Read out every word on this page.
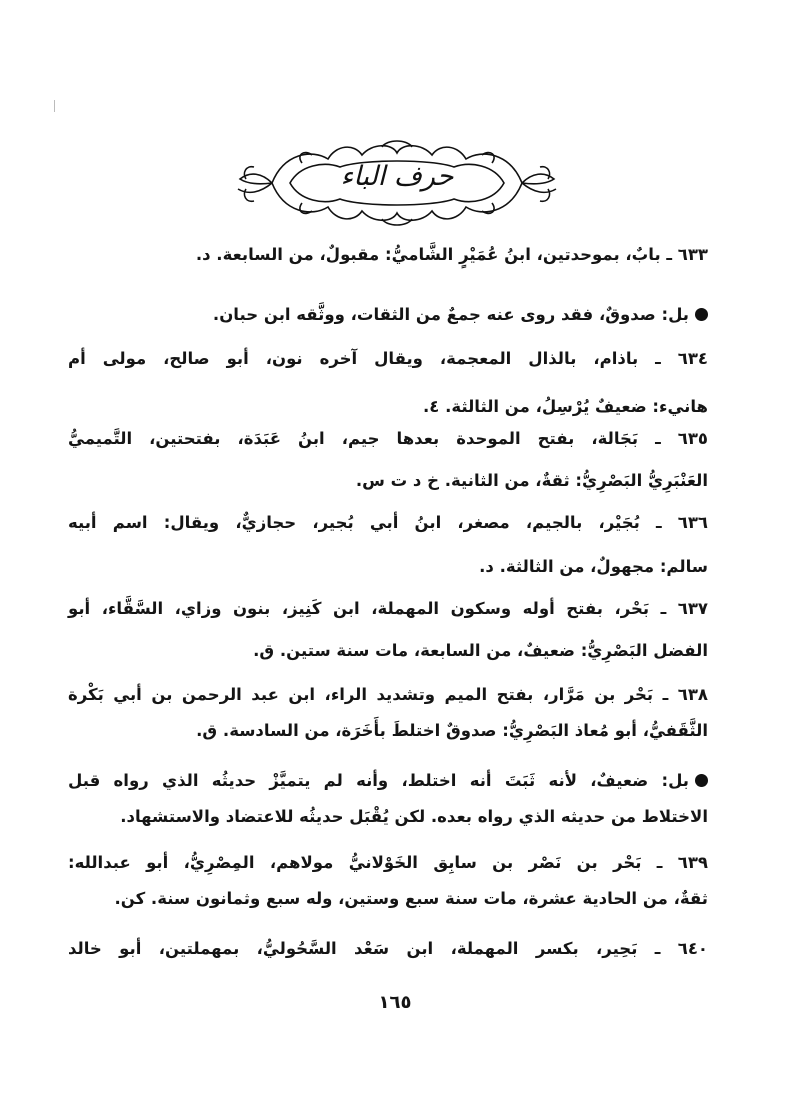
حرف الباء
٦٣٣ ـ بابٌ، بموحدتين، ابنُ عُمَيْرٍ الشَّاميُّ: مقبولٌ، من السابعة. د.
بل: صدوقٌ، فقد روى عنه جمعٌ من الثقات، ووثَّقه ابن حبان.
٦٣٤ ـ باذام، بالذال المعجمة، ويقال آخره نون، أبو صالح، مولى أم
هانيء: ضعيفٌ يُرْسِلُ، من الثالثة. ٤.
٦٣٥ ـ بَجَالة، بفتح الموحدة بعدها جيم، ابنُ عَبَدَة، بفتحتين، التَّميميُّ
العَنْبَرِيُّ البَصْرِيُّ: ثقةٌ، من الثانية. خ د ت س.
٦٣٦ ـ بُجَيْر، بالجيم، مصغر، ابنُ أبي بُجير، حجازيٌّ، ويقال: اسم أبيه
سالم: مجهولٌ، من الثالثة. د.
٦٣٧ ـ بَحْر، بفتح أوله وسكون المهملة، ابن كَنِيز، بنون وزاي، السَّقَّاء، أبو
الفضل البَصْرِيُّ: ضعيفٌ، من السابعة، مات سنة ستين. ق.
٦٣٨ ـ بَحْر بن مَرَّار، بفتح الميم وتشديد الراء، ابن عبد الرحمن بن أبي بَكْرة
الثَّقَفيُّ، أبو مُعاذ البَصْرِيُّ: صدوقٌ اختلطَ بأَخَرَة، من السادسة. ق.
بل: ضعيفٌ، لأنه ثَبَتَ أنه اختلط، وأنه لم يتميَّزْ حديثُه الذي رواه قبل
الاختلاط من حديثه الذي رواه بعده. لكن يُقْبَل حديثُه للاعتضاد والاستشهاد.
٦٣٩ ـ بَحْر بن نَصْر بن سابِق الخَوْلانيُّ مولاهم، المِصْرِيُّ، أبو عبدالله:
ثقةٌ، من الحادية عشرة، مات سنة سبع وستين، وله سبع وثمانون سنة. كن.
٦٤٠ ـ بَحِير، بكسر المهملة، ابن سَعْد السَّحُوليُّ، بمهملتين، أبو خالد
١٦٥
